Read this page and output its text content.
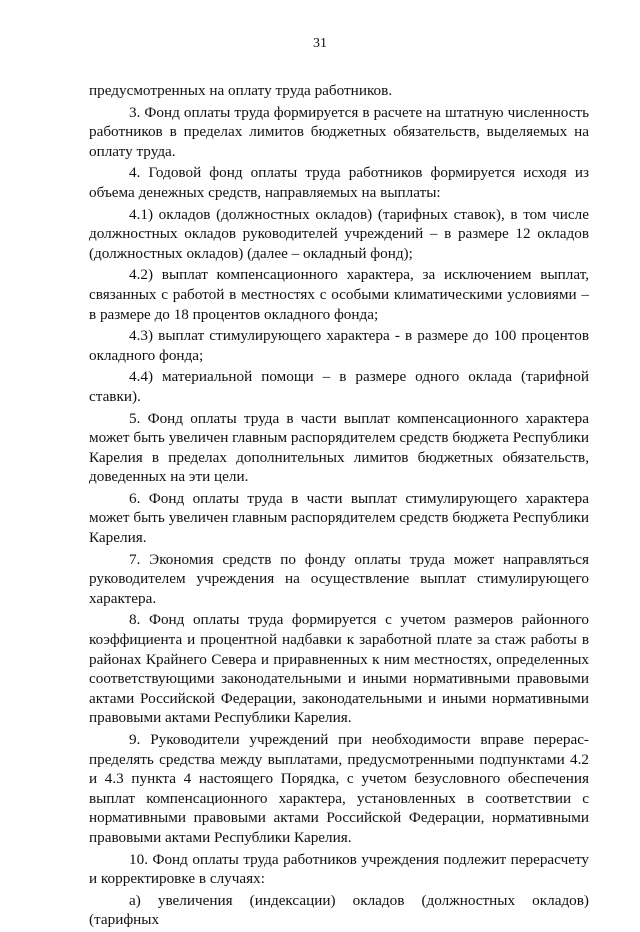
31

предусмотренных на оплату труда работников.

3. Фонд оплаты труда формируется в расчете на штатную численность работников в пределах лимитов бюджетных обязательств, выделяемых на оплату труда.

4. Годовой фонд оплаты труда работников формируется исходя из объема денежных средств, направляемых на выплаты:

4.1) окладов (должностных окладов) (тарифных ставок), в том числе должностных окладов руководителей учреждений – в размере 12 окладов (должностных окладов) (далее – окладный фонд);

4.2) выплат компенсационного характера, за исключением выплат, связанных с работой в местностях с особыми климатическими условиями – в размере до 18 процентов окладного фонда;

4.3) выплат стимулирующего характера - в размере до 100 процентов окладного фонда;

4.4) материальной помощи – в размере одного оклада (тарифной ставки).

5. Фонд оплаты труда в части выплат компенсационного характера может быть увеличен главным распорядителем средств бюджета Республики Карелия в пределах дополнительных лимитов бюджетных обязательств, доведенных на эти цели.

6. Фонд оплаты труда в части выплат стимулирующего характера может быть увеличен главным распорядителем средств бюджета Республики Карелия.

7. Экономия средств по фонду оплаты труда может направляться руководителем учреждения на осуществление выплат стимулирующего характера.

8. Фонд оплаты труда формируется с учетом размеров районного коэффициента и процентной надбавки к заработной плате за стаж работы в районах Крайнего Севера и приравненных к ним местностях, определенных соответствующими законодательными и иными нормативными правовыми актами Российской Федерации, законодательными и иными нормативными правовыми актами Республики Карелия.

9. Руководители учреждений при необходимости вправе перерас-пределять средства между выплатами, предусмотренными подпунктами 4.2 и 4.3 пункта 4 настоящего Порядка, с учетом безусловного обеспечения выплат компенсационного характера, установленных в соответствии с нормативными правовыми актами Российской Федерации, нормативными правовыми актами Республики Карелия.

10. Фонд оплаты труда работников учреждения подлежит перерасчету и корректировке в случаях:

а) увеличения (индексации) окладов (должностных окладов) (тарифных
